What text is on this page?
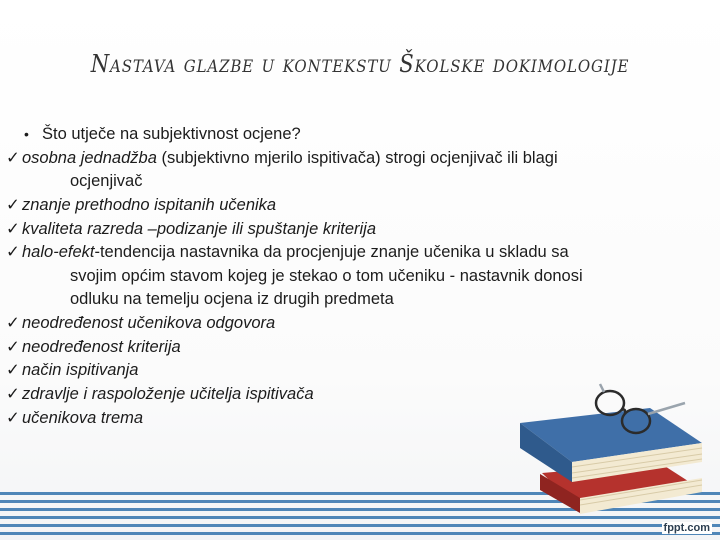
Nastava glazbe u kontekstu Školske dokimologije
• Što utječe na subjektivnost ocjene?
✓ osobna jednadžba (subjektivno mjerilo ispitivača) strogi ocjenjivač ili blagi
ocjenjivač
✓ znanje prethodno ispitanih učenika
✓ kvaliteta razreda –podizanje ili spuštanje kriterija
✓ halo-efekt-tendencija nastavnika da procjenjuje znanje učenika u skladu sa
svojim općim stavom kojeg je stekao o tom učeniku - nastavnik donosi
odluku na temelju ocjena iz drugih predmeta
✓ neodređenost učenikova odgovora
✓ neodređenost kriterija
✓ način ispitivanja
✓ zdravlje i raspoloženje učitelja ispitivača
✓ učenikova trema
fppt.com
